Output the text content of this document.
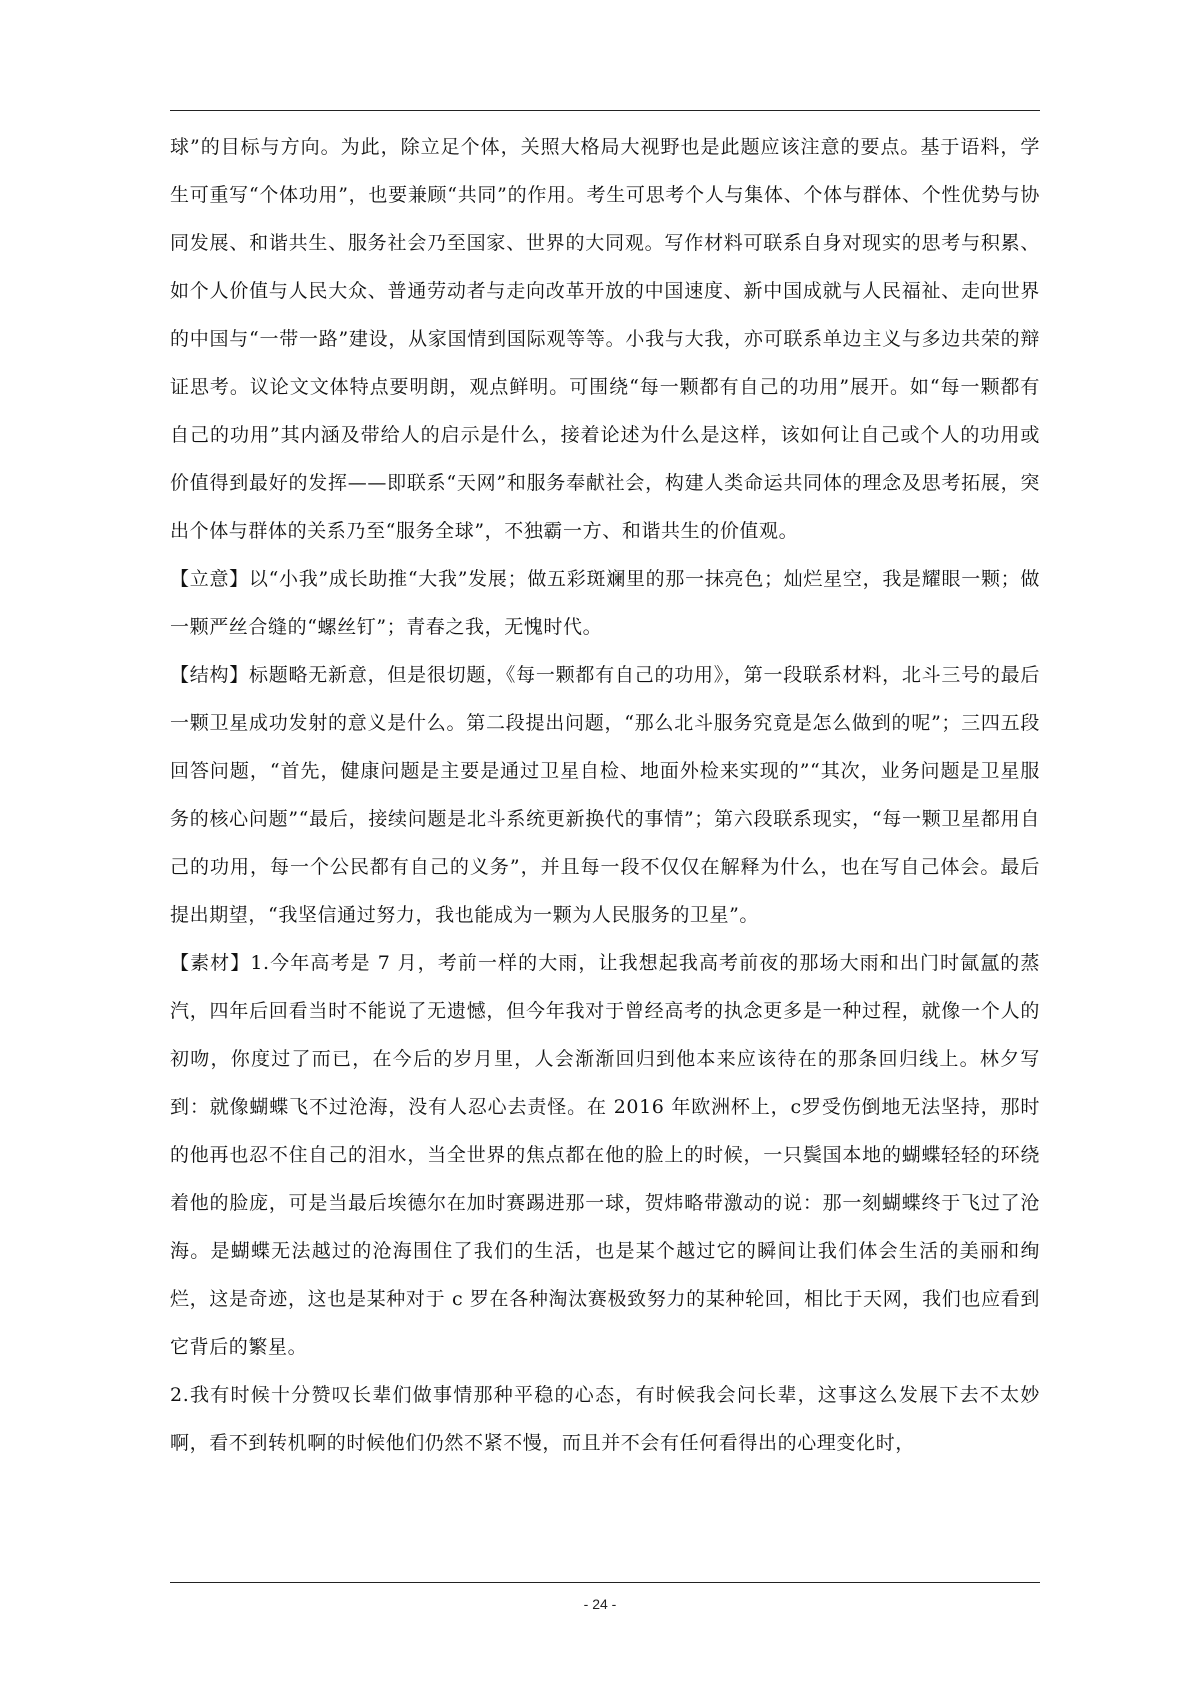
球”的目标与方向。为此，除立足个体，关照大格局大视野也是此题应该注意的要点。基于语料，学生可重写“个体功用”，也要兼顾“共同”的作用。考生可思考个人与集体、个体与群体、个性优势与协同发展、和谐共生、服务社会乃至国家、世界的大同观。写作材料可联系自身对现实的思考与积累、如个人价值与人民大众、普通劳动者与走向改革开放的中国速度、新中国成就与人民福祉、走向世界的中国与“一带一路”建设，从家国情到国际观等等。小我与大我，亦可联系单边主义与多边共荣的辩证思考。议论文文体特点要明朗，观点鲜明。可围绕“每一颗都有自己的功用”展开。如“每一颗都有自己的功用”其内涵及带给人的启示是什么，接着论述为什么是这样，该如何让自己或个人的功用或价值得到最好的发挥——即联系“天网”和服务奉献社会，构建人类命运共同体的理念及思考拓展，突出个体与群体的关系乃至“服务全球”，不独霸一方、和谐共生的价值观。

【立意】以“小我”成长助推“大我”发展；做五彩斑斓里的那一抹亮色；灿烂星空，我是耀眼一颗；做一颗严丝合缝的“螺丝钉”；青春之我，无愧时代。

【结构】标题略无新意，但是很切题，《每一颗都有自己的功用》，第一段联系材料，北斗三号的最后一颗卫星成功发射的意义是什么。第二段提出问题，“那么北斗服务究竟是怎么做到的呢”；三四五段回答问题，“首先，健康问题是主要是通过卫星自检、地面外检来实现的”“其次，业务问题是卫星服务的核心问题”“最后，接续问题是北斗系统更新换代的事情”；第六段联系现实，“每一颗卫星都用自己的功用，每一个公民都有自己的义务”，并且每一段不仅仅在解释为什么，也在写自己体会。最后提出期望，“我坚信通过努力，我也能成为一颗为人民服务的卫星”。

【素材】1.今年高考是 7 月，考前一样的大雨，让我想起我高考前夜的那场大雨和出门时氤氲的蒸汽，四年后回看当时不能说了无遗憾，但今年我对于曾经高考的执念更多是一种过程，就像一个人的初吻，你度过了而已，在今后的岁月里，人会渐渐回归到他本来应该待在的那条回归线上。林夕写到：就像蝴蝶飞不过沧海，没有人忍心去责怪。在 2016 年欧洲杯上，c罗受伤倒地无法坚持，那时的他再也忍不住自己的泪水，当全世界的焦点都在他的脸上的时候，一只鬓国本地的蝴蝶轻轻的环绕着他的脸庞，可是当最后埃德尔在加时赛踢进那一球，贺炜略带激动的说：那一刻蝴蝶终于飞过了沧海。是蝴蝶无法越过的沧海围住了我们的生活，也是某个越过它的瞬间让我们体会生活的美丽和绚烂，这是奇迹，这也是某种对于 c 罗在各种淘汰赛极致努力的某种轮回，相比于天网，我们也应看到它背后的繁星。

2.我有时候十分赞叹长辈们做事情那种平稳的心态，有时候我会问长辈，这事这么发展下去不太妙啊，看不到转机啊的时候他们仍然不紧不慢，而且并不会有任何看得出的心理变化时，

- 24 -
